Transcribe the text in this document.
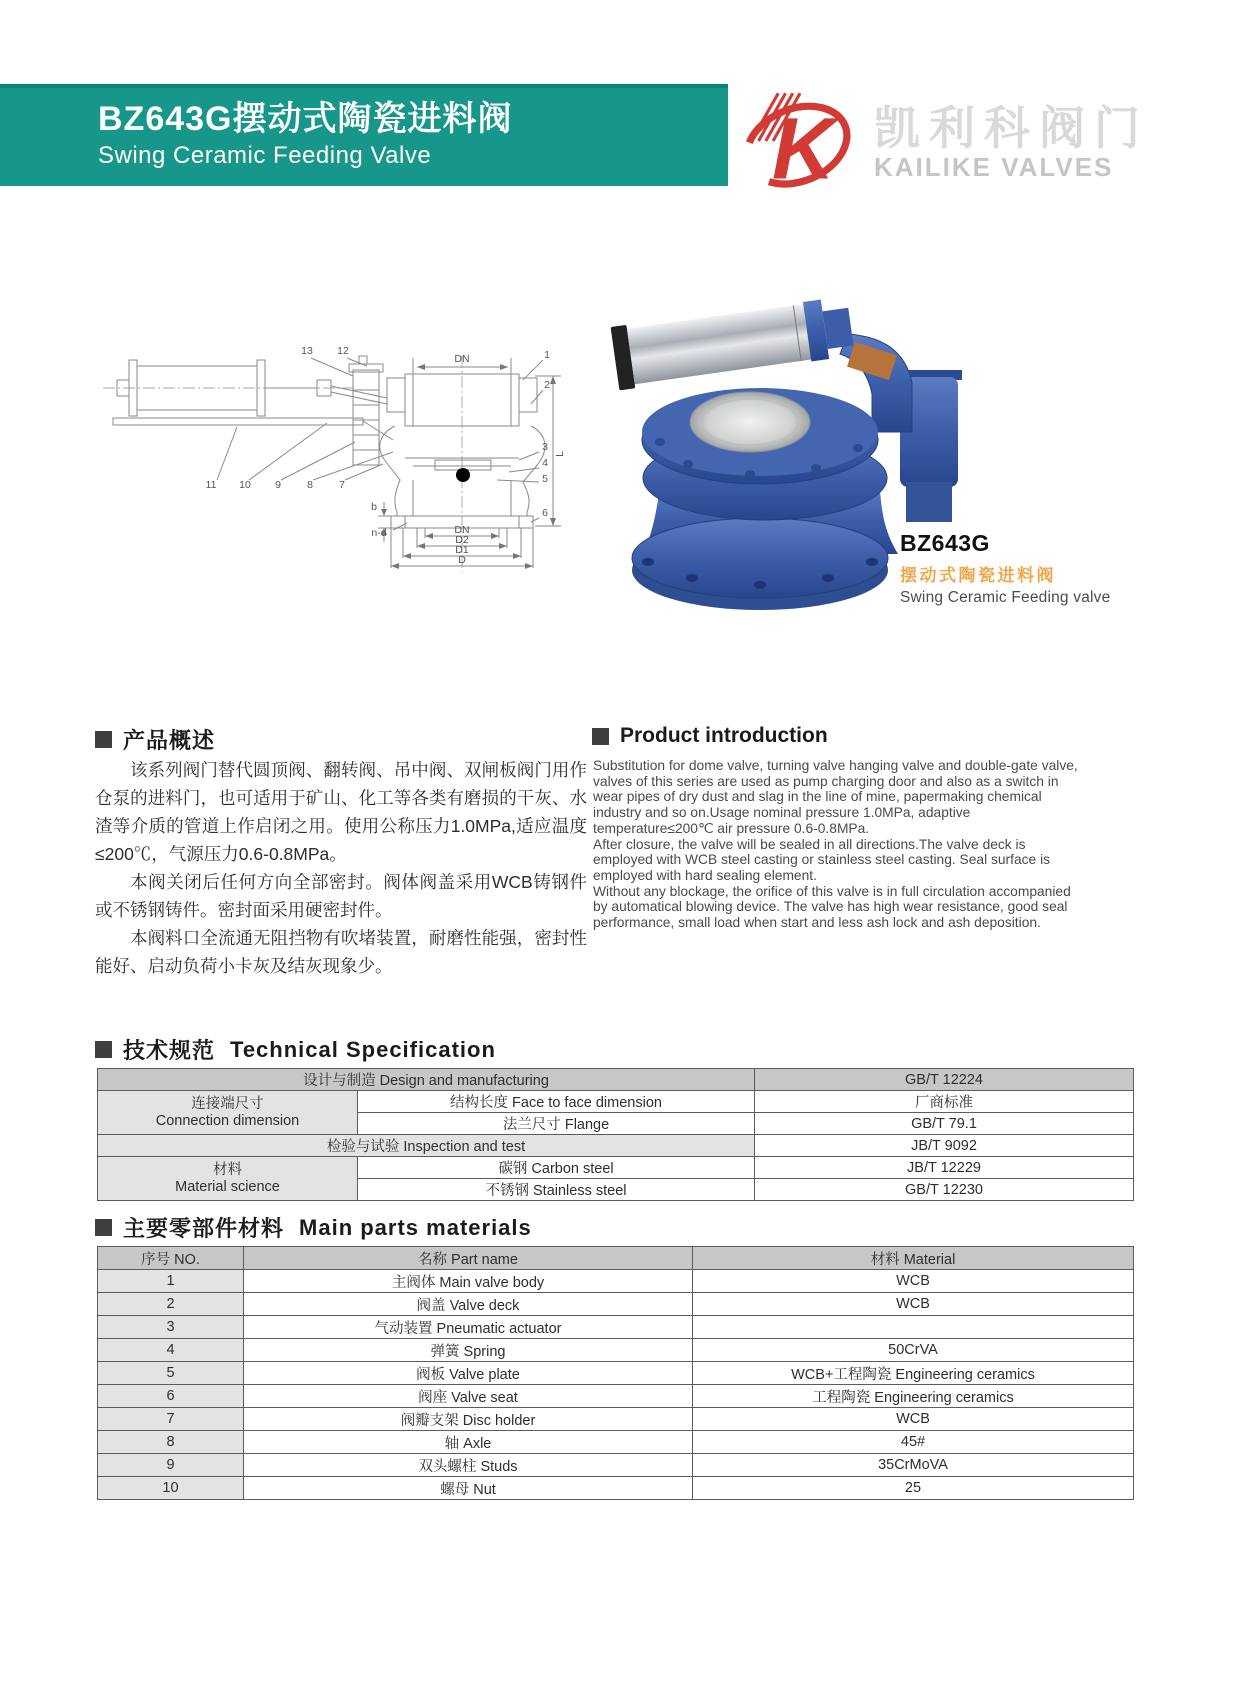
BZ643G摆动式陶瓷进料阀
Swing Ceramic Feeding Valve	K 凯利科阀门
KAILIKE VALVES
13 12
DN	1
2
3
4
5
6
11 10 9 8 7
b
n-d	DN
D2
D1
D
L
BZ643G
摆动式陶瓷进料阀
Swing Ceramic Feeding valve
产品概述

该系列阀门替代圆顶阀、翻转阀、吊中阀、双闸板阀门用作仓泵的进料门，也可适用于矿山、化工等各类有磨损的干灰、水渣等介质的管道上作启闭之用。使用公称压力1.0MPa,适应温度≤200℃，气源压力0.6-0.8MPa。

本阀关闭后任何方向全部密封。阀体阀盖采用WCB铸钢件或不锈钢铸件。密封面采用硬密封件。

本阀料口全流通无阻挡物有吹堵装置，耐磨性能强，密封性能好、启动负荷小卡灰及结灰现象少。

Product introduction

Substitution for dome valve, turning valve hanging valve and double-gate valve, valves of this series are used as pump charging door and also as a switch in wear pipes of dry dust and slag in the line of mine, papermaking chemical industry and so on.Usage nominal pressure 1.0MPa, adaptive temperature≤200℃ air pressure 0.6-0.8MPa.

After closure, the valve will be sealed in all directions.The valve deck is employed with WCB steel casting or stainless steel casting. Seal surface is employed with hard sealing element.

Without any blockage, the orifice of this valve is in full circulation accompanied by automatical blowing device. The valve has high wear resistance, good seal performance, small load when start and less ash lock and ash deposition.

技术规范 Technical Specification
设计与制造 Design and manufacturing		GB/T 12224

连接端尺寸
Connection dimension	结构长度 Face to face dimension	厂商标准
	法兰尺寸 Flange	GB/T 79.1
检验与试验 Inspection and test		JB/T 9092

材料
Material science	碳钢 Carbon steel	JB/T 12229
	不锈钢 Stainless steel	GB/T 12230
主要零部件材料 Main parts materials
序号 NO.	名称 Part name	材料 Material
1	主阀体 Main valve body	WCB
2	阀盖 Valve deck	WCB
3	气动装置 Pneumatic actuator	
4	弹簧 Spring	50CrVA
5	阀板 Valve plate	WCB+工程陶瓷 Engineering ceramics
6	阀座 Valve seat	工程陶瓷 Engineering ceramics
7	阀瓣支架 Disc holder	WCB
8	轴 Axle	45#
9	双头螺柱 Studs	35CrMoVA
10	螺母 Nut	25
